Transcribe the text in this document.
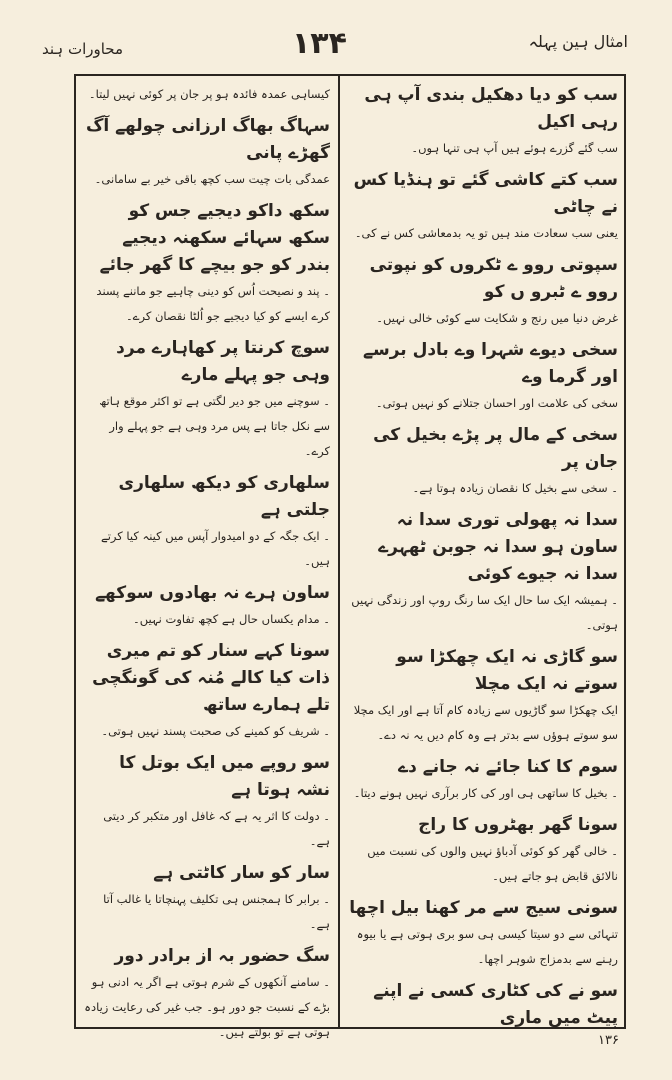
محاورات ہند	۱۳۴	امثال ہین پہلہ
سب کو دیا دھکیل بندی آپ ہی رہی اکیل
سب گئے گزرے ہوئے ہیں آپ ہی تنہا ہوں۔
سب کتے کاشی گئے تو ہنڈیا کس نے چاٹی
یعنی سب سعادت مند ہیں تو یہ بدمعاشی کس نے کی۔
سپوتی روو ے ٹکروں کو نپوتی روو ے ٹبرو ں کو
غرض دنیا میں رنج و شکایت سے کوئی خالی نہیں۔
سخی دیوے شہرا وے بادل برسے اور گرما وے
سخی کی علامت اور احسان جتلانے کو نہیں ہوتی۔
سخی کے مال پر پڑے بخیل کی جان پر
۔ سخی سے بخیل کا نقصان زیادہ ہوتا ہے۔
سدا نہ پھولی توری سدا نہ ساون ہو سدا نہ جوبن ٹھہرے سدا نہ جیوے کوئی
۔ ہمیشہ ایک سا حال ایک سا رنگ روپ اور زندگی نہیں ہوتی۔
سو گاڑی نہ ایک چھکڑا سو سوتے نہ ایک مچلا
ایک چھکڑا سو گاڑیوں سے زیادہ کام آتا ہے اور ایک مچلا سو سوتے ہوؤں سے بدتر ہے وہ کام دیں یہ نہ دے۔
سوم کا کنا جائے نہ جانے دے
۔ بخیل کا ساتھی ہی اور کی کار برآری نہیں ہونے دیتا۔
سونا گھر بھٹروں کا راج
۔ خالی گھر کو کوئی آدباؤ نہیں والوں کی نسبت میں نالائق قابض ہو جاتے ہیں۔
سونی سیج سے مر کھنا بیل اچھا
تنہائی سے دو سیتا کیسی ہی سو بری ہوتی ہے یا بیوہ رہنے سے بدمزاج شوہر اچھا۔
سو نے کی کٹاری کسی نے اپنے پیٹ میں ماری
کیساہی عمدہ فائدہ ہو پر جان پر کوئی نہیں لیتا۔
سہاگ بھاگ ارزانی چولھے آگ گھڑے پانی
عمدگی بات چیت سب کچھ باقی خیر بے سامانی۔
سکھ داکو دیجیے جس کو سکھ سہائے سکھنہ دیجیے بندر کو جو بیچے کا گھر جائے
۔ پند و نصیحت اُس کو دینی چاہیے جو ماننے پسند کرے ایسے کو کیا دیجیے جو اُلٹا نقصان کرے۔
سوچ کرنتا پر کھاہارے مرد وہی جو پہلے مارے
۔ سوچنے میں جو دیر لگتی ہے تو اکثر موقع ہاتھ سے نکل جاتا ہے پس مرد وہی ہے جو پہلے وار کرے۔
سلھاری کو دیکھ سلھاری جلتی ہے
۔ ایک جگہ کے دو امیدوار آپس میں کینہ کیا کرتے ہیں۔
ساون ہرے نہ بھادوں سوکھے
۔ مدام یکساں حال ہے کچھ تفاوت نہیں۔
سونا کہے سنار کو تم میری ذات کیا کالے مُنہ کی گونگچی تلے ہمارے ساتھ
۔ شریف کو کمینے کی صحبت پسند نہیں ہوتی۔
سو روپے میں ایک بوتل کا نشہ ہوتا ہے
۔ دولت کا اثر یہ ہے کہ غافل اور متکبر کر دیتی ہے۔
سار کو سار کاٹتی ہے
۔ برابر کا ہمجنس ہی تکلیف پہنچاتا یا غالب آتا ہے۔
سگ حضور بہ از برادر دور
۔ سامنے آنکھوں کے شرم ہوتی ہے اگر یہ ادنی ہو بڑے کے نسبت جو دور ہو۔ جب غیر کی رعایت زیادہ ہوتی ہے تو بولتے ہیں۔
۱۳۶
